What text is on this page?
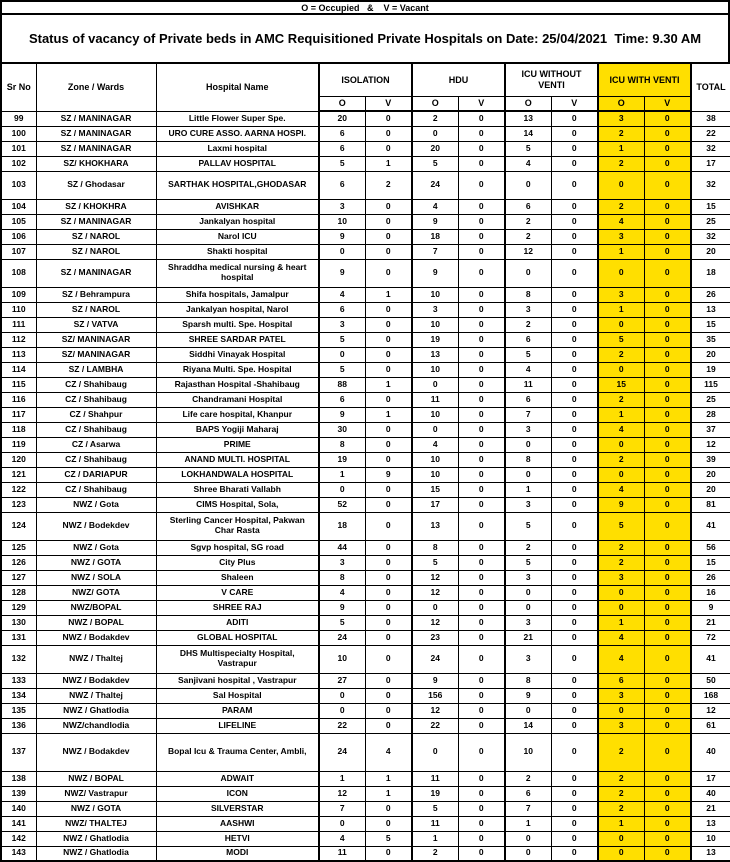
O = Occupied   &    V = Vacant
Status of vacancy of Private beds in AMC Requisitioned Private Hospitals on Date: 25/04/2021  Time: 9.30 AM
Sr No	Zone / Wards	Hospital Name	ISOLATION		HDU		ICU WITHOUT VENTI		ICU WITH VENTI		TOTAL
			O	V	O	V	O	V	O	V	
99	SZ / MANINAGAR	Little Flower Super Spe.	20	0	2	0	13	0	3	0	38
100	SZ / MANINAGAR	URO CURE ASSO. AARNA HOSPI.	6	0	0	0	14	0	2	0	22
101	SZ / MANINAGAR	Laxmi hospital	6	0	20	0	5	0	1	0	32
102	SZ/ KHOKHARA	PALLAV HOSPITAL	5	1	5	0	4	0	2	0	17
103	SZ / Ghodasar	SARTHAK HOSPITAL,GHODASAR	6	2	24	0	0	0	0	0	32
104	SZ / KHOKHRA	AVISHKAR	3	0	4	0	6	0	2	0	15
105	SZ / MANINAGAR	Jankalyan hospital	10	0	9	0	2	0	4	0	25
106	SZ / NAROL	Narol ICU	9	0	18	0	2	0	3	0	32
107	SZ / NAROL	Shakti hospital	0	0	7	0	12	0	1	0	20
108	SZ / MANINAGAR	Shraddha medical nursing & heart hospital	9	0	9	0	0	0	0	0	18
109	SZ / Behrampura	Shifa hospitals, Jamalpur	4	1	10	0	8	0	3	0	26
110	SZ / NAROL	Jankalyan hospital, Narol	6	0	3	0	3	0	1	0	13
111	SZ / VATVA	Sparsh multi. Spe. Hospital	3	0	10	0	2	0	0	0	15
112	SZ/ MANINAGAR	SHREE SARDAR PATEL	5	0	19	0	6	0	5	0	35
113	SZ/ MANINAGAR	Siddhi Vinayak Hospital	0	0	13	0	5	0	2	0	20
114	SZ / LAMBHA	Riyana Multi. Spe. Hospital	5	0	10	0	4	0	0	0	19
115	CZ / Shahibaug	Rajasthan Hospital -Shahibaug	88	1	0	0	11	0	15	0	115
116	CZ / Shahibaug	Chandramani Hospital	6	0	11	0	6	0	2	0	25
117	CZ / Shahpur	Life care hospital, Khanpur	9	1	10	0	7	0	1	0	28
118	CZ / Shahibaug	BAPS Yogiji Maharaj	30	0	0	0	3	0	4	0	37
119	CZ / Asarwa	PRIME	8	0	4	0	0	0	0	0	12
120	CZ / Shahibaug	ANAND MULTI. HOSPITAL	19	0	10	0	8	0	2	0	39
121	CZ / DARIAPUR	LOKHANDWALA HOSPITAL	1	9	10	0	0	0	0	0	20
122	CZ / Shahibaug	Shree Bharati Vallabh	0	0	15	0	1	0	4	0	20
123	NWZ / Gota	CIMS Hospital, Sola,	52	0	17	0	3	0	9	0	81
124	NWZ / Bodekdev	Sterling Cancer Hospital, Pakwan Char Rasta	18	0	13	0	5	0	5	0	41
125	NWZ / Gota	Sgvp hospital, SG road	44	0	8	0	2	0	2	0	56
126	NWZ / GOTA	City Plus	3	0	5	0	5	0	2	0	15
127	NWZ / SOLA	Shaleen	8	0	12	0	3	0	3	0	26
128	NWZ/ GOTA	V CARE	4	0	12	0	0	0	0	0	16
129	NWZ/BOPAL	SHREE RAJ	9	0	0	0	0	0	0	0	9
130	NWZ / BOPAL	ADITI	5	0	12	0	3	0	1	0	21
131	NWZ / Bodakdev	GLOBAL HOSPITAL	24	0	23	0	21	0	4	0	72
132	NWZ / Thaltej	DHS Multispecialty Hospital, Vastrapur	10	0	24	0	3	0	4	0	41
133	NWZ / Bodakdev	Sanjivani hospital , Vastrapur	27	0	9	0	8	0	6	0	50
134	NWZ / Thaltej	Sal Hospital	0	0	156	0	9	0	3	0	168
135	NWZ / Ghatlodia	PARAM	0	0	12	0	0	0	0	0	12
136	NWZ/chandlodia	LIFELINE	22	0	22	0	14	0	3	0	61
137	NWZ / Bodakdev	Bopal Icu & Trauma Center, Ambli,	24	4	0	0	10	0	2	0	40
138	NWZ / BOPAL	ADWAIT	1	1	11	0	2	0	2	0	17
139	NWZ/ Vastrapur	ICON	12	1	19	0	6	0	2	0	40
140	NWZ / GOTA	SILVERSTAR	7	0	5	0	7	0	2	0	21
141	NWZ/ THALTEJ	AASHWI	0	0	11	0	1	0	1	0	13
142	NWZ / Ghatlodia	HETVI	4	5	1	0	0	0	0	0	10
143	NWZ / Ghatlodia	MODI	11	0	2	0	0	0	0	0	13
